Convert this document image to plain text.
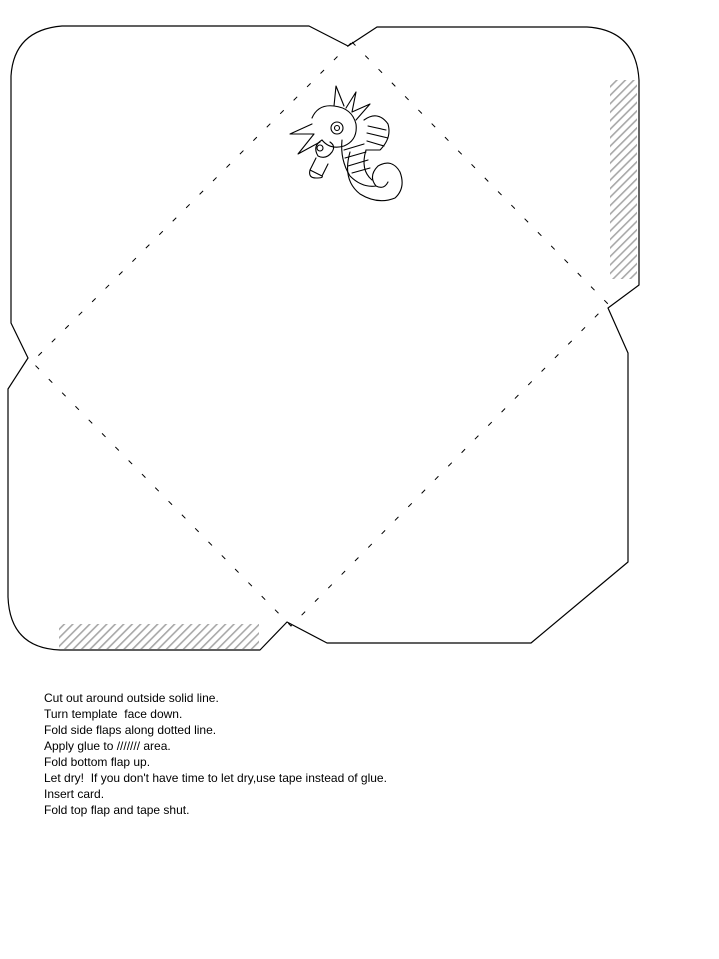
Cut out around outside solid line.
Turn template  face down.
Fold side flaps along dotted line.
Apply glue to /////// area.
Fold bottom flap up.
Let dry!  If you don't have time to let dry,use tape instead of glue.
Insert card.
Fold top flap and tape shut.
